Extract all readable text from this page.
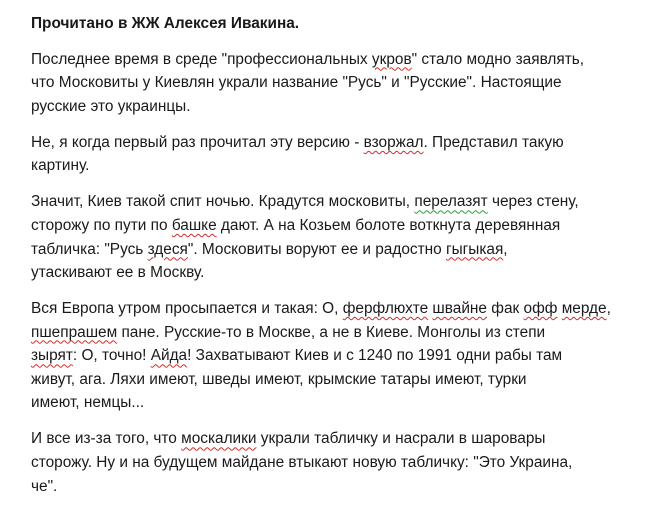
Прочитано в ЖЖ Алексея Ивакина.
Последнее время в среде "профессиональных укров" стало модно заявлять,
что Московиты у Киевлян украли название "Русь" и "Русские". Настоящие
русские это украинцы.
Не, я когда первый раз прочитал эту версию - взоржал. Представил такую
картину.
Значит, Киев такой спит ночью. Крадутся московиты, перелазят через стену,
сторожу по пути по башке дают. А на Козьем болоте воткнута деревянная
табличка: "Русь здеся". Московиты воруют ее и радостно гыгыкая,
утаскивают ее в Москву.
Вся Европа утром просыпается и такая: О, ферфлюхте швайне фак офф мерде,
пшепрашем пане. Русские-то в Москве, а не в Киеве. Монголы из степи
зырят: О, точно! Айда! Захватывают Киев и с 1240 по 1991 одни рабы там
живут, ага. Ляхи имеют, шведы имеют, крымские татары имеют, турки
имеют, немцы...
И все из-за того, что москалики украли табличку и насрали в шаровары
сторожу. Ну и на будущем майдане втыкают новую табличку: "Это Украина,
че".
